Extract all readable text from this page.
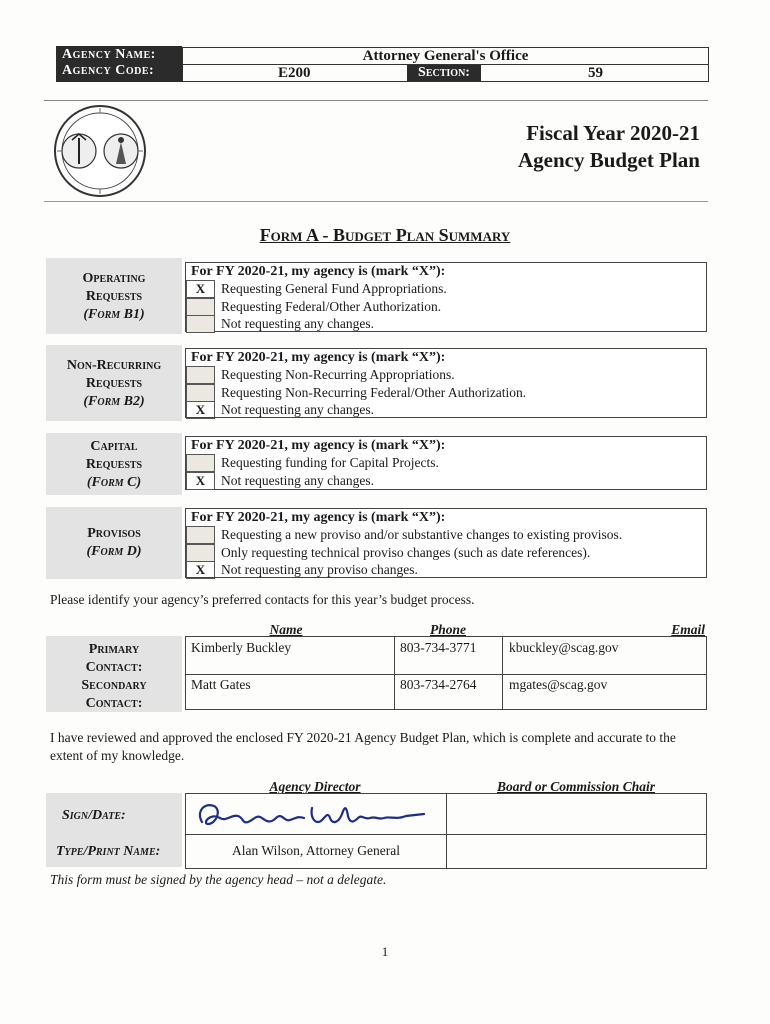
Agency Name:
Agency Code:
Attorney General's Office
E200	Section:	59
Fiscal Year 2020-21
Agency Budget Plan
Form A - Budget Plan Summary
Operating
Requests
(Form B1)
For FY 2020-21, my agency is (mark “X”):
X	Requesting General Fund Appropriations.
Requesting Federal/Other Authorization.
Not requesting any changes.
Non-Recurring
Requests
(Form B2)
For FY 2020-21, my agency is (mark “X”):
Requesting Non-Recurring Appropriations.
Requesting Non-Recurring Federal/Other Authorization.
X	Not requesting any changes.
Capital
Requests
(Form C)
For FY 2020-21, my agency is (mark “X”):
Requesting funding for Capital Projects.
X	Not requesting any changes.
Provisos
(Form D)
For FY 2020-21, my agency is (mark “X”):
Requesting a new proviso and/or substantive changes to existing provisos.
Only requesting technical proviso changes (such as date references).
X	Not requesting any proviso changes.
Please identify your agency’s preferred contacts for this year’s budget process.
Name	Phone	Email
Primary Contact:
Secondary Contact:
Kimberly Buckley	803-734-3771 kbuckley@scag.gov
Matt Gates	803-734-2764 mgates@scag.gov
I have reviewed and approved the enclosed FY 2020-21 Agency Budget Plan, which is complete and accurate to the extent of my knowledge.
Agency Director	Board or Commission Chair
Sign/Date:
Type/Print Name:	Alan Wilson, Attorney General
This form must be signed by the agency head – not a delegate.
1
